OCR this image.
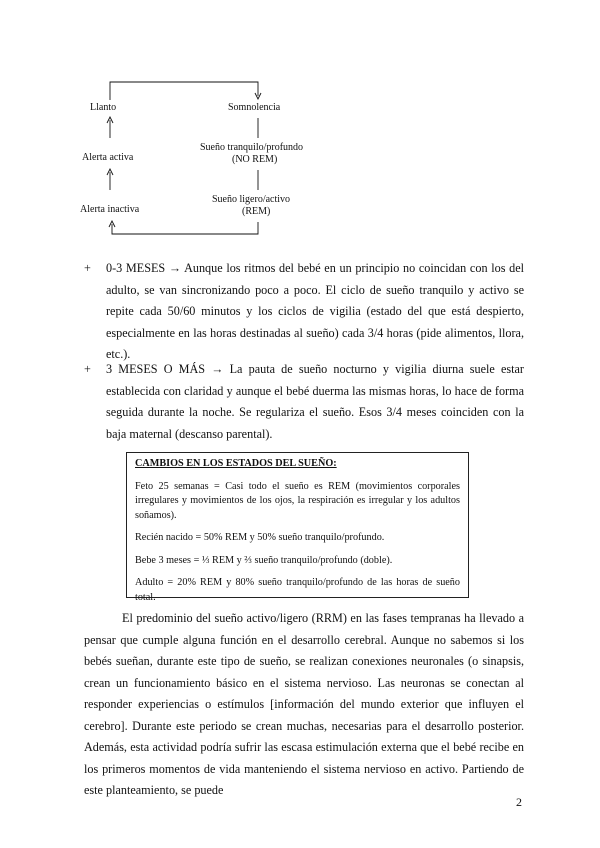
Llanto	Somnolencia
Alerta activa
Sueño tranquilo/profundo
(NO REM)
Alerta inactiva
Sueño ligero/activo
(REM)
+ 0-3 MESES → Aunque los ritmos del bebé en un principio no coincidan con los del adulto, se van sincronizando poco a poco. El ciclo de sueño tranquilo y activo se repite cada 50/60 minutos y los ciclos de vigilia (estado del que está despierto, especialmente en las horas destinadas al sueño) cada 3/4 horas (pide alimentos, llora, etc.).
+ 3 MESES O MÁS → La pauta de sueño nocturno y vigilia diurna suele estar establecida con claridad y aunque el bebé duerma las mismas horas, lo hace de forma seguida durante la noche. Se regulariza el sueño. Esos 3/4 meses coinciden con la baja maternal (descanso parental).
CAMBIOS EN LOS ESTADOS DEL SUEÑO:

Feto 25 semanas = Casi todo el sueño es REM (movimientos corporales irregulares y movimientos de los ojos, la respiración es irregular y los adultos soñamos).

Recién nacido = 50% REM y 50% sueño tranquilo/profundo.

Bebe 3 meses = ⅓ REM y ⅔ sueño tranquilo/profundo (doble).

Adulto = 20% REM y 80% sueño tranquilo/profundo de las horas de sueño total.

El predominio del sueño activo/ligero (RRM) en las fases tempranas ha llevado a pensar que cumple alguna función en el desarrollo cerebral. Aunque no sabemos si los bebés sueñan, durante este tipo de sueño, se realizan conexiones neuronales (o sinapsis, crean un funcionamiento básico en el sistema nervioso. Las neuronas se conectan al responder experiencias o estímulos [información del mundo exterior que influyen el cerebro]. Durante este periodo se crean muchas, necesarias para el desarrollo posterior. Además, esta actividad podría sufrir las escasa estimulación externa que el bebé recibe en los primeros momentos de vida manteniendo el sistema nervioso en activo. Partiendo de este planteamiento, se puede
2
